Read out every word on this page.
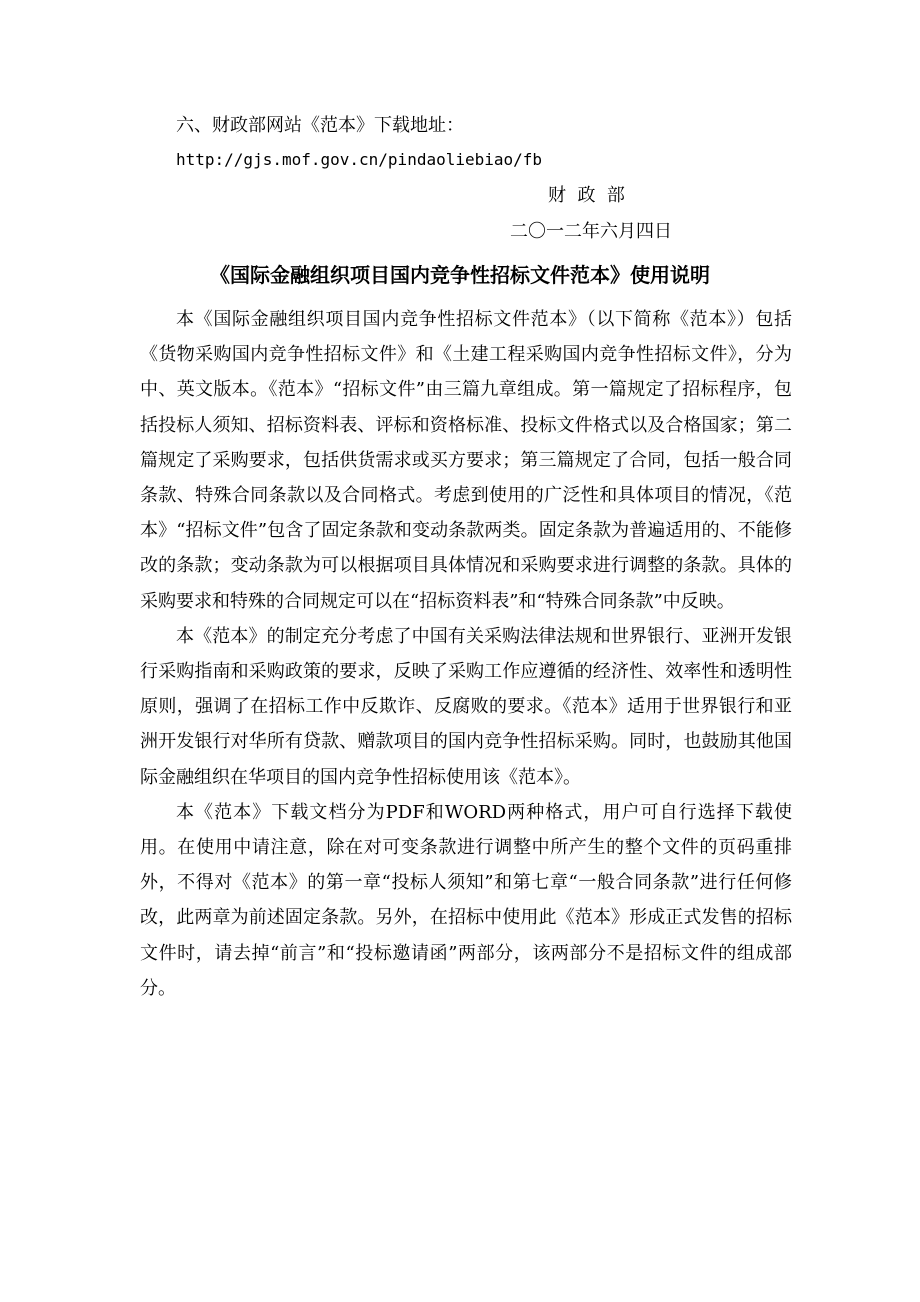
六、财政部网站《范本》下载地址：
http://gjs.mof.gov.cn/pindaoliebiao/fb
财  政  部
二〇一二年六月四日
《国际金融组织项目国内竞争性招标文件范本》使用说明

本《国际金融组织项目国内竞争性招标文件范本》（以下简称《范本》）包括《货物采购国内竞争性招标文件》和《土建工程采购国内竞争性招标文件》，分为中、英文版本。《范本》“招标文件”由三篇九章组成。第一篇规定了招标程序，包括投标人须知、招标资料表、评标和资格标准、投标文件格式以及合格国家；第二篇规定了采购要求，包括供货需求或买方要求；第三篇规定了合同，包括一般合同条款、特殊合同条款以及合同格式。考虑到使用的广泛性和具体项目的情况，《范本》“招标文件”包含了固定条款和变动条款两类。固定条款为普遍适用的、不能修改的条款；变动条款为可以根据项目具体情况和采购要求进行调整的条款。具体的采购要求和特殊的合同规定可以在“招标资料表”和“特殊合同条款”中反映。

本《范本》的制定充分考虑了中国有关采购法律法规和世界银行、亚洲开发银行采购指南和采购政策的要求，反映了采购工作应遵循的经济性、效率性和透明性原则，强调了在招标工作中反欺诈、反腐败的要求。《范本》适用于世界银行和亚洲开发银行对华所有贷款、赠款项目的国内竞争性招标采购。同时，也鼓励其他国际金融组织在华项目的国内竞争性招标使用该《范本》。

本《范本》下载文档分为PDF和WORD两种格式，用户可自行选择下载使用。在使用中请注意，除在对可变条款进行调整中所产生的整个文件的页码重排外，不得对《范本》的第一章“投标人须知”和第七章“一般合同条款”进行任何修改，此两章为前述固定条款。另外，在招标中使用此《范本》形成正式发售的招标文件时，请去掉“前言”和“投标邀请函”两部分，该两部分不是招标文件的组成部分。
